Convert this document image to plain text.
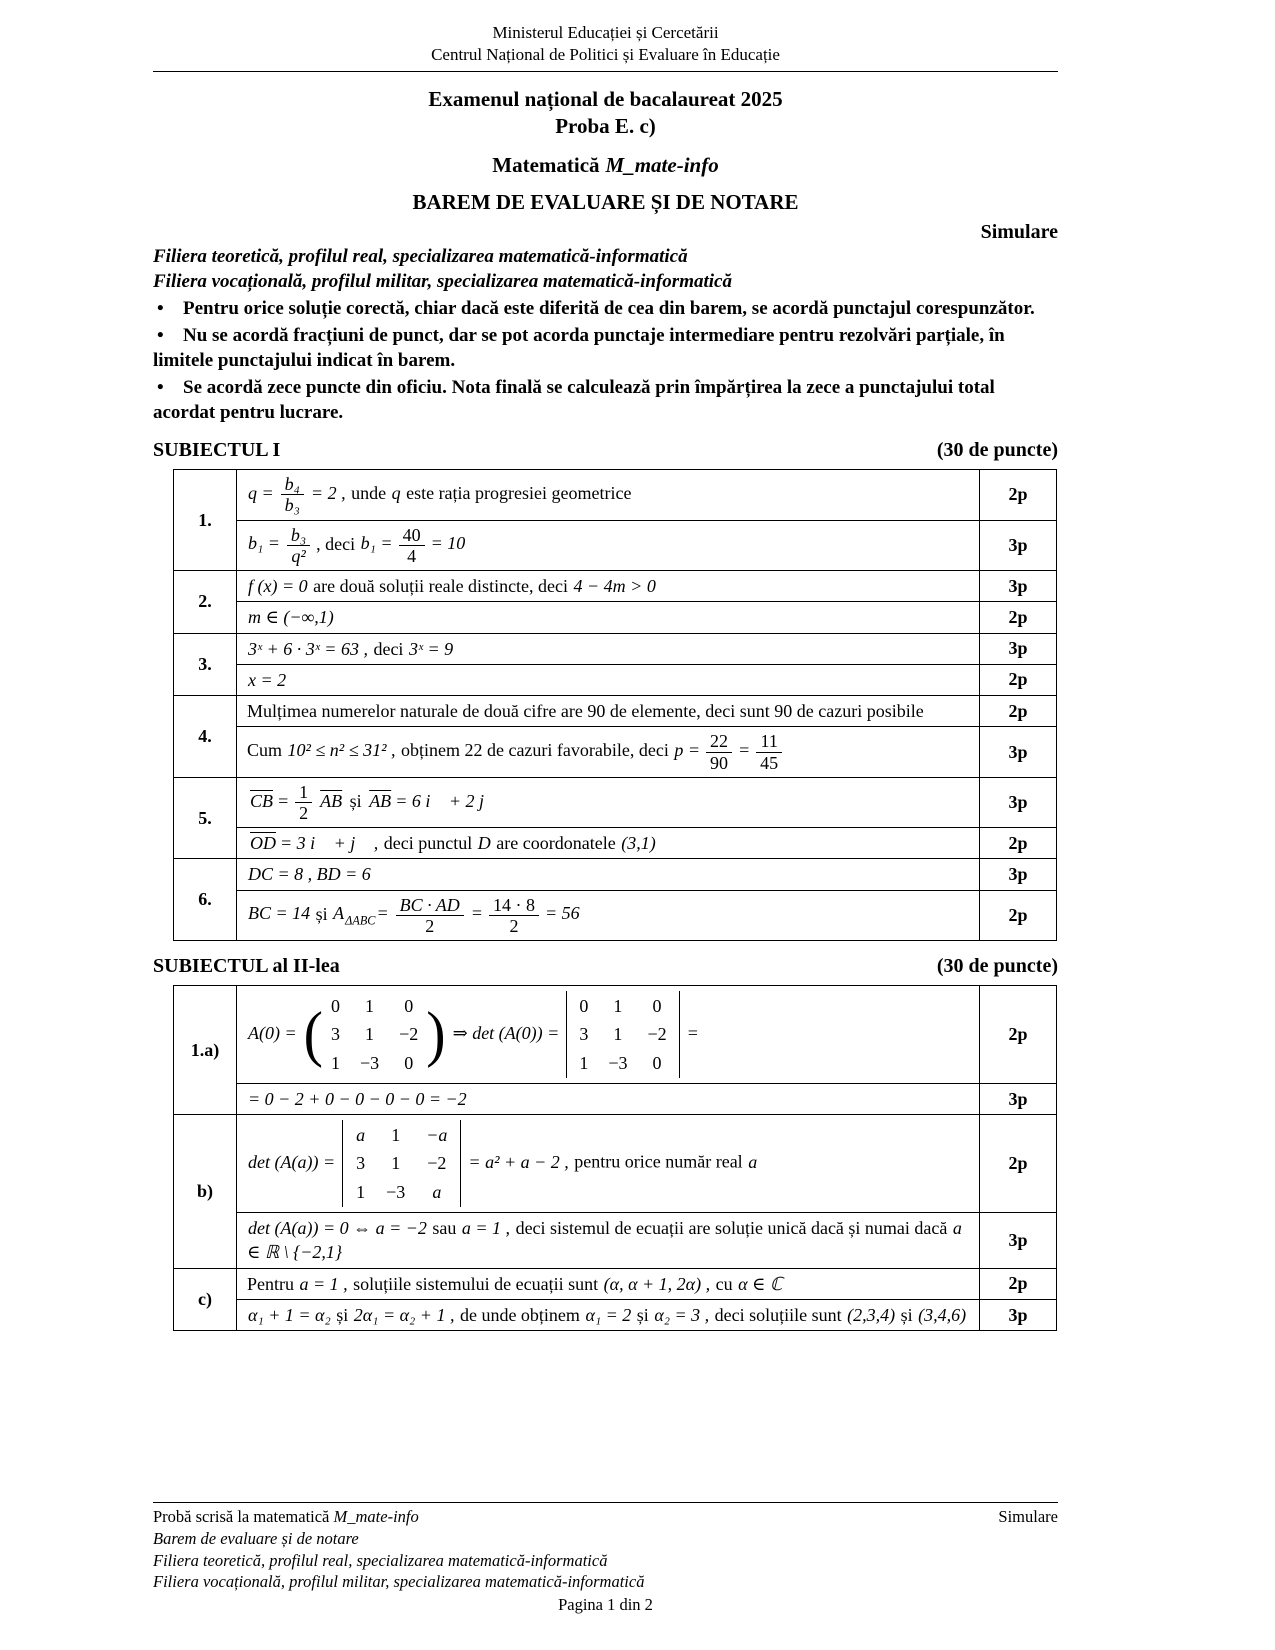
Ministerul Educației și Cercetării
Centrul Național de Politici și Evaluare în Educație

Examenul național de bacalaureat 2025

Proba E. c)

Matematică M_mate-info

BAREM DE EVALUARE ȘI DE NOTARE

Simulare

Filiera teoretică, profilul real, specializarea matematică-informatică

Filiera vocațională, profilul militar, specializarea matematică-informatică

• Pentru orice soluție corectă, chiar dacă este diferită de cea din barem, se acordă punctajul corespunzător.

• Nu se acordă fracțiuni de punct, dar se pot acorda punctaje intermediare pentru rezolvări parțiale, în limitele punctajului indicat în barem.

• Se acordă zece puncte din oficiu. Nota finală se calculează prin împărțirea la zece a punctajului total acordat pentru lucrare.

SUBIECTUL I	(30 de puncte)
1.	$q = \frac{\text{b₄}}{\text{b₃}} = 2$ , unde q este rația progresiei geometrice	2p
$b_1 = \frac{\text{b₃}}{\text{q²}}$ , deci $b_1 = \frac{40}{4} = 10$	3p
2.	f (x) = 0 are două soluții reale distincte, deci 4 − 4m > 0	3p
	m ∈ (−∞,1)	2p
3.	3ˣ + 6 · 3ˣ = 63 , deci 3ˣ = 9	3p
	x = 2	2p
4.	Mulțimea numerelor naturale de două cifre are 90 de elemente, deci sunt 90 de cazuri posibile	2p
Cum 10² ≤ n² ≤ 31² , obținem 22 de cazuri favorabile, deci $p = \frac{22}{90} = \frac{11}{45}$	3p
5.	$\overline{CB} = \frac{1}{2} \overline{AB}$ și $\overline{AB} = 6$ i⃗ + 2 j⃗	3p
	$\overline{OD} = 3$ i⃗ + j⃗ , deci punctul D are coordonatele (3,1)	2p
6.	DC = 8 , BD = 6	3p
BC = 14 și $A_{\Delta ABC}= \frac{BC \cdot AD}{2} = \frac{14 \cdot 8}{2} = 56$	2p
SUBIECTUL al II-lea	(30 de puncte)
1.a)	A(0) = ( 0 1 0
3 1 −2
1 −3 0 ) ⇒ det (A(0)) =
0 1 0
3 1 −2
1 −3 0
=	2p
	= 0 − 2 + 0 − 0 − 0 − 0 = −2	3p
b)	det (A(a)) =
a 1 −a
3 1 −2
1 −3 a
= a² + a − 2 , pentru orice număr real a	2p
	det (A(a)) = 0 ⇔ a = −2 sau a = 1 , deci sistemul de ecuații are soluție unică dacă și numai dacă a ∈ ℝ \ {−2,1}	3p
c)	Pentru a = 1 , soluțiile sistemului de ecuații sunt (α, α + 1, 2α) , cu α ∈ ℂ	2p
	α₁ + 1 = α₂ și 2α₁ = α₂ + 1 , de unde obținem α₁ = 2 și α₂ = 3 , deci soluțiile sunt (2,3,4) și (3,4,6)	3p
Probă scrisă la matematică M_mate-info	Simulare
Barem de evaluare și de notare
Filiera teoretică, profilul real, specializarea matematică-informatică
Filiera vocațională, profilul militar, specializarea matematică-informatică
Pagina 1 din 2
